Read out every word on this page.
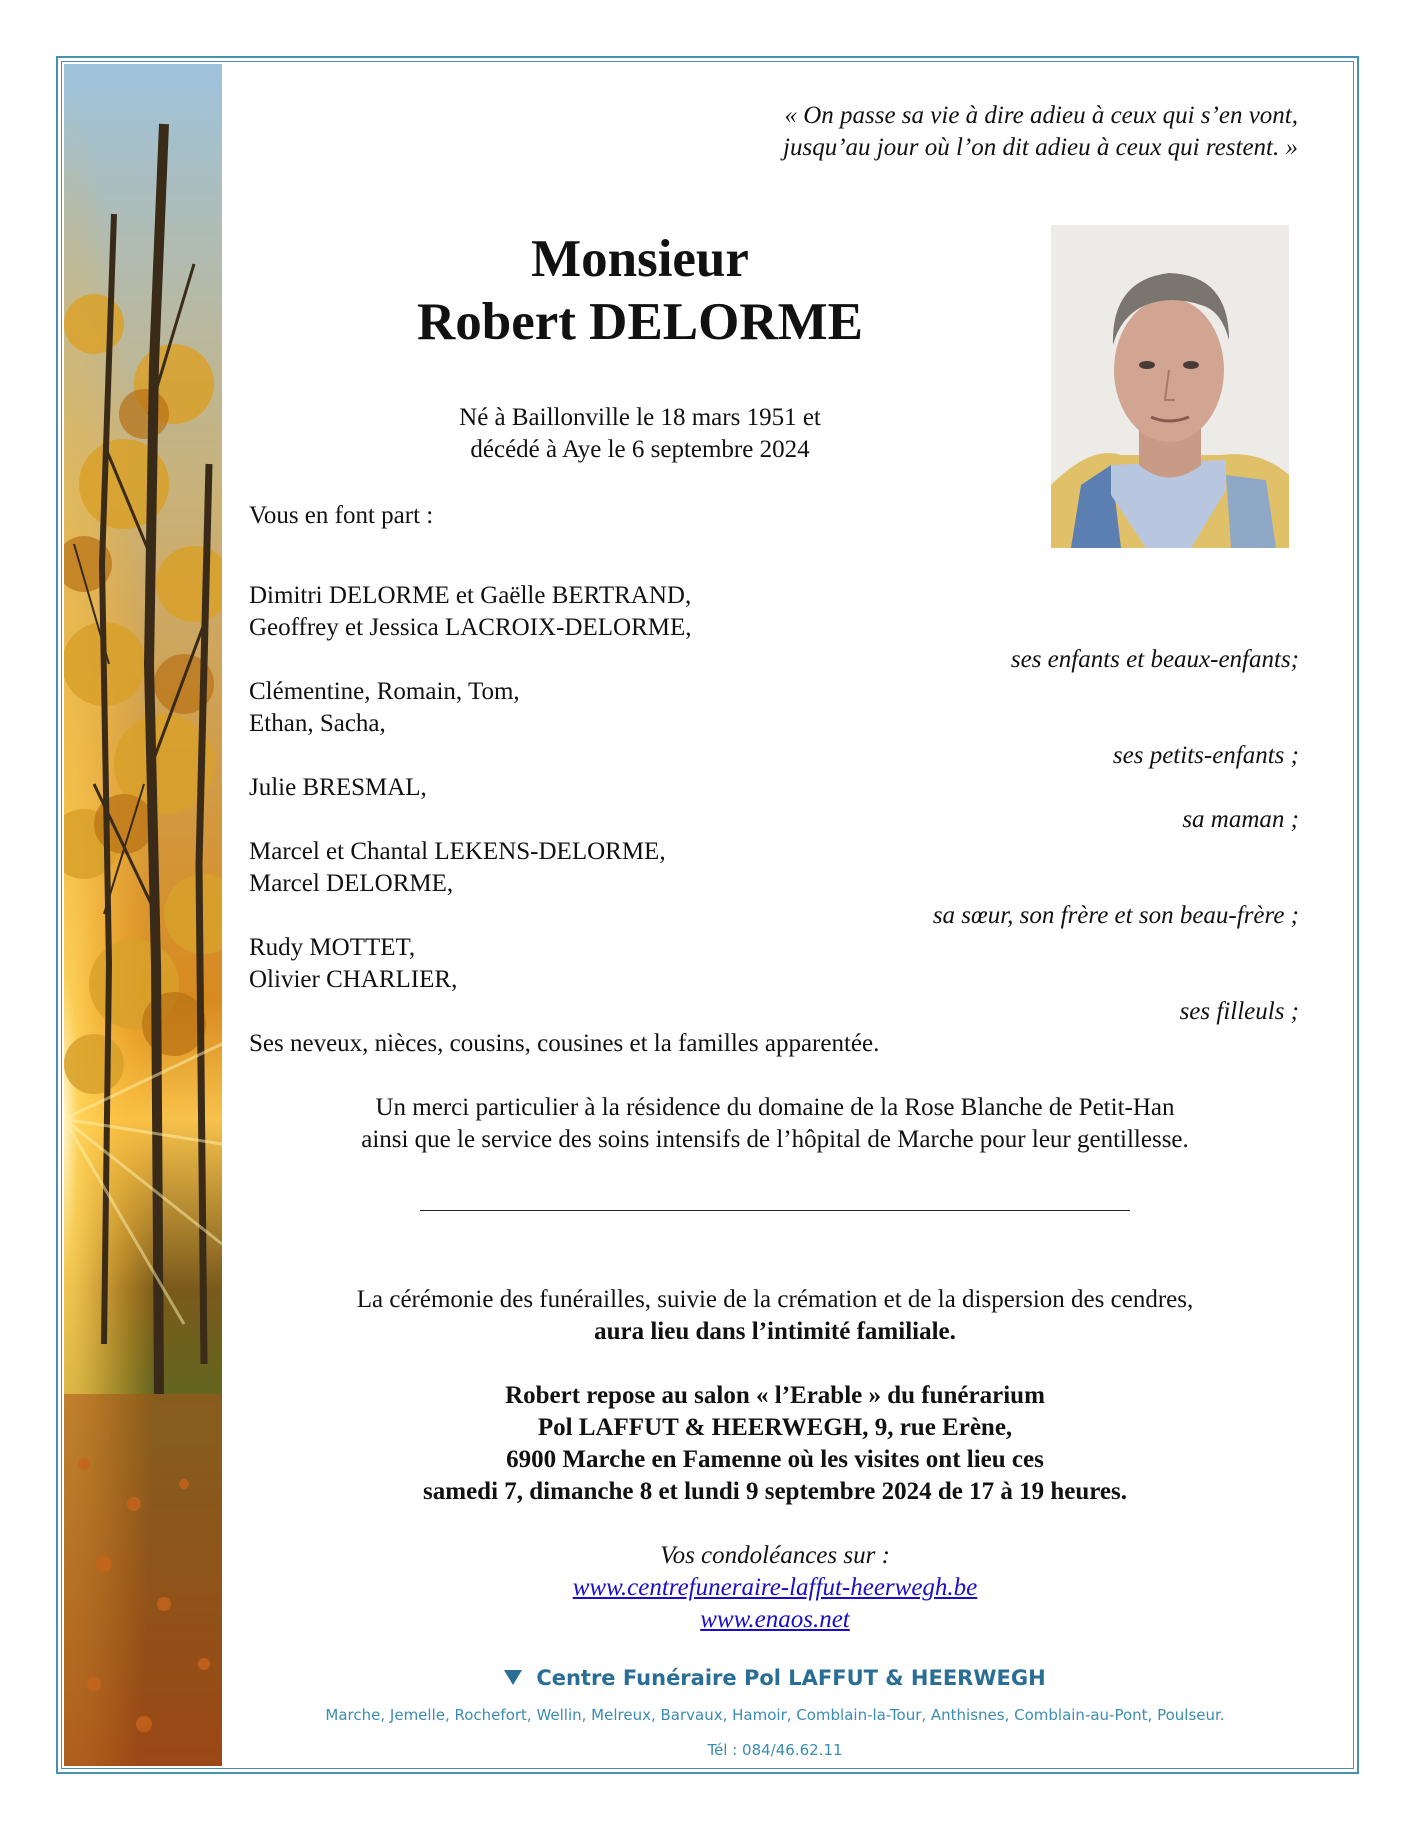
« On passe sa vie à dire adieu à ceux qui s’en vont,
jusqu’au jour où l’on dit adieu à ceux qui restent. »
Monsieur
Robert DELORME
Né à Baillonville le 18 mars 1951 et
décédé à Aye le 6 septembre 2024
Vous en font part :
Dimitri DELORME et Gaëlle BERTRAND,
Geoffrey et Jessica LACROIX-DELORME,
ses enfants et beaux-enfants;
Clémentine, Romain, Tom,
Ethan, Sacha,
ses petits-enfants ;
Julie BRESMAL,
sa maman ;
Marcel et Chantal LEKENS-DELORME,
Marcel DELORME,
sa sœur, son frère et son beau-frère ;
Rudy MOTTET,
Olivier CHARLIER,
ses filleuls ;
Ses neveux, nièces, cousins, cousines et la familles apparentée.
Un merci particulier à la résidence du domaine de la Rose Blanche de Petit-Han
ainsi que le service des soins intensifs de l’hôpital de Marche pour leur gentillesse.
La cérémonie des funérailles, suivie de la crémation et de la dispersion des cendres,
aura lieu dans l’intimité familiale.
Robert repose au salon « l’Erable » du funérarium
Pol LAFFUT & HEERWEGH, 9, rue Erène,
6900 Marche en Famenne où les visites ont lieu ces
samedi 7, dimanche 8 et lundi 9 septembre 2024 de 17 à 19 heures.
Vos condoléances sur :
www.centrefuneraire-laffut-heerwegh.be
www.enaos.net
Centre Funéraire Pol LAFFUT & HEERWEGH
Marche, Jemelle, Rochefort, Wellin, Melreux, Barvaux, Hamoir, Comblain-la-Tour, Anthisnes, Comblain-au-Pont, Poulseur.
Tél : 084/46.62.11
